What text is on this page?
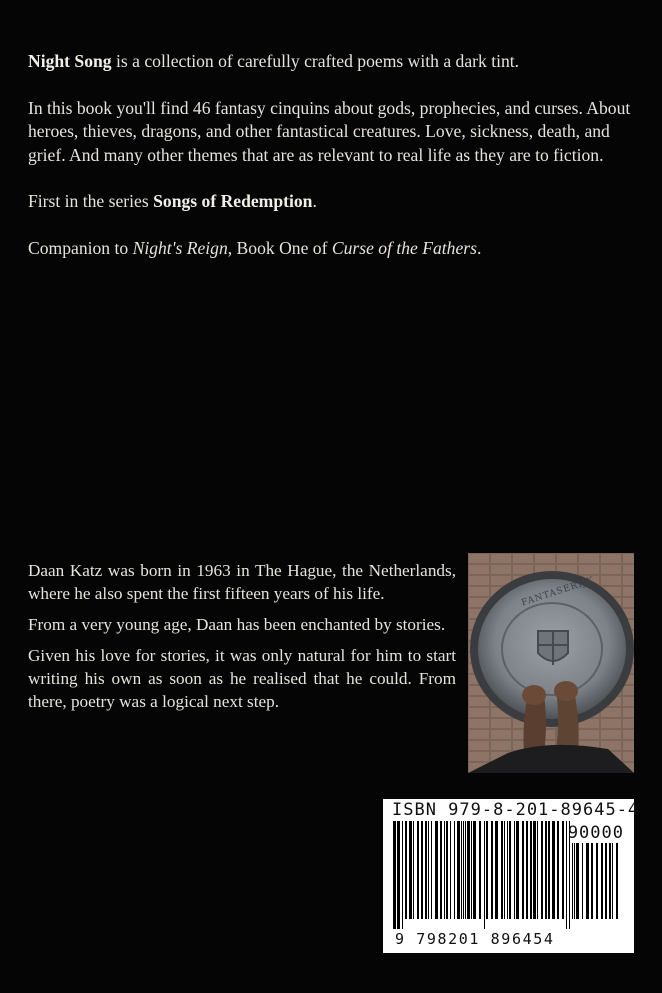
Night Song is a collection of carefully crafted poems with a dark tint.

In this book you'll find 46 fantasy cinquins about gods, prophecies, and curses. About heroes, thieves, dragons, and other fantastical creatures. Love, sickness, death, and grief. And many other themes that are as relevant to real life as they are to fiction.

First in the series Songs of Redemption.

Companion to Night's Reign, Book One of Curse of the Fathers.

Daan Katz was born in 1963 in The Hague, the Netherlands, where he also spent the first fifteen years of his life.

From a very young age, Daan has been enchanted by stories.

Given his love for stories, it was only natural for him to start writing his own as soon as he realised that he could. From there, poetry was a logical next step.

FANTASERIJK
ISBN 979-8-201-89645-4
90000
9 798201 896454
